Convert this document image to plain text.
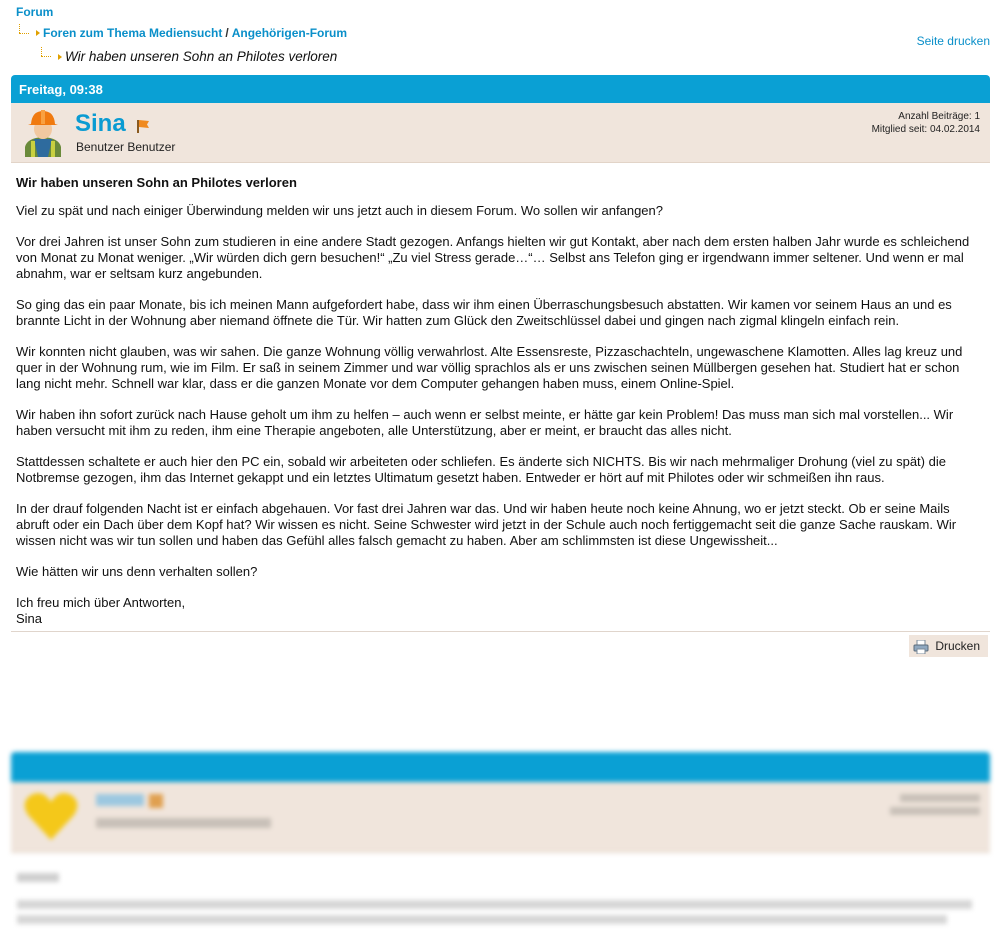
Forum
Foren zum Thema Mediensucht / Angehörigen-Forum
Wir haben unseren Sohn an Philotes verloren
Seite drucken
Freitag, 09:38
Sina
Benutzer Benutzer
Anzahl Beiträge: 1
Mitglied seit: 04.02.2014
Wir haben unseren Sohn an Philotes verloren

Viel zu spät und nach einiger Überwindung melden wir uns jetzt auch in diesem Forum. Wo sollen wir anfangen?

Vor drei Jahren ist unser Sohn zum studieren in eine andere Stadt gezogen. Anfangs hielten wir gut Kontakt, aber nach dem ersten halben Jahr wurde es schleichend von Monat zu Monat weniger. „Wir würden dich gern besuchen!“ „Zu viel Stress gerade…“… Selbst ans Telefon ging er irgendwann immer seltener. Und wenn er mal abnahm, war er seltsam kurz angebunden.

So ging das ein paar Monate, bis ich meinen Mann aufgefordert habe, dass wir ihm einen Überraschungsbesuch abstatten. Wir kamen vor seinem Haus an und es brannte Licht in der Wohnung aber niemand öffnete die Tür. Wir hatten zum Glück den Zweitschlüssel dabei und gingen nach zigmal klingeln einfach rein.

Wir konnten nicht glauben, was wir sahen. Die ganze Wohnung völlig verwahrlost. Alte Essensreste, Pizzaschachteln, ungewaschene Klamotten. Alles lag kreuz und quer in der Wohnung rum, wie im Film. Er saß in seinem Zimmer und war völlig sprachlos als er uns zwischen seinen Müllbergen gesehen hat. Studiert hat er schon lang nicht mehr. Schnell war klar, dass er die ganzen Monate vor dem Computer gehangen haben muss, einem Online-Spiel.

Wir haben ihn sofort zurück nach Hause geholt um ihm zu helfen – auch wenn er selbst meinte, er hätte gar kein Problem! Das muss man sich mal vorstellen... Wir haben versucht mit ihm zu reden, ihm eine Therapie angeboten, alle Unterstützung, aber er meint, er braucht das alles nicht.

Stattdessen schaltete er auch hier den PC ein, sobald wir arbeiteten oder schliefen. Es änderte sich NICHTS. Bis wir nach mehrmaliger Drohung (viel zu spät) die Notbremse gezogen, ihm das Internet gekappt und ein letztes Ultimatum gesetzt haben. Entweder er hört auf mit Philotes oder wir schmeißen ihn raus.

In der drauf folgenden Nacht ist er einfach abgehauen. Vor fast drei Jahren war das. Und wir haben heute noch keine Ahnung, wo er jetzt steckt. Ob er seine Mails abruft oder ein Dach über dem Kopf hat? Wir wissen es nicht. Seine Schwester wird jetzt in der Schule auch noch fertiggemacht seit die ganze Sache rauskam. Wir wissen nicht was wir tun sollen und haben das Gefühl alles falsch gemacht zu haben. Aber am schlimmsten ist diese Ungewissheit...

Wie hätten wir uns denn verhalten sollen?

Ich freu mich über Antworten,
Sina

Drucken
